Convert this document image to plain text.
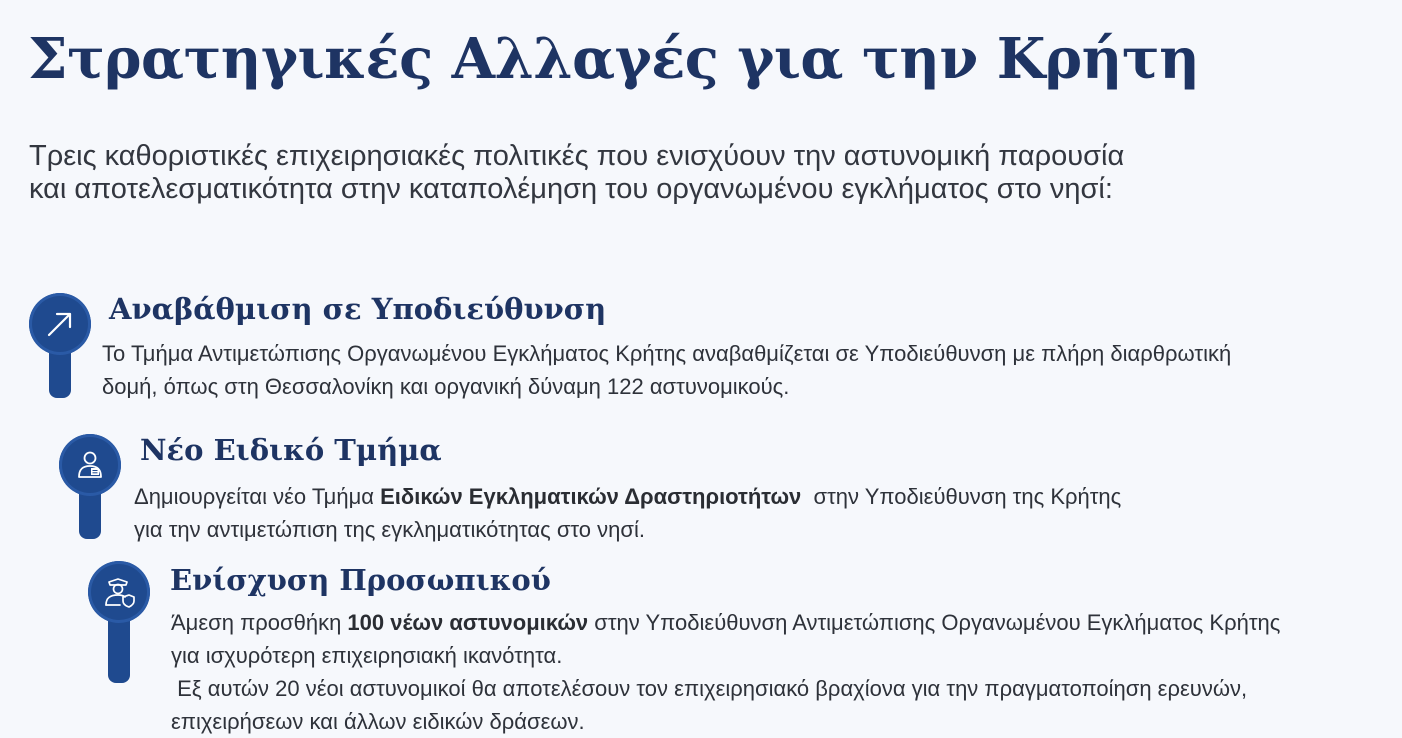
Στρατηγικές Αλλαγές για την Κρήτη

Τρεις καθοριστικές επιχειρησιακές πολιτικές που ενισχύουν την αστυνομική παρουσία
και αποτελεσματικότητα στην καταπολέμηση του οργανωμένου εγκλήματος στο νησί:

Αναβάθμιση σε Υποδιεύθυνση

Το Τμήμα Αντιμετώπισης Οργανωμένου Εγκλήματος Κρήτης αναβαθμίζεται σε Υποδιεύθυνση με πλήρη διαρθρωτική
δομή, όπως στη Θεσσαλονίκη και οργανική δύναμη 122 αστυνομικούς.

Νέο Ειδικό Τμήμα

Δημιουργείται νέο Τμήμα Ειδικών Εγκληματικών Δραστηριοτήτων  στην Υποδιεύθυνση της Κρήτης
για την αντιμετώπιση της εγκληματικότητας στο νησί.

Ενίσχυση Προσωπικού

Άμεση προσθήκη 100 νέων αστυνομικών στην Υποδιεύθυνση Αντιμετώπισης Οργανωμένου Εγκλήματος Κρήτης
για ισχυρότερη επιχειρησιακή ικανότητα.
Εξ αυτών 20 νέοι αστυνομικοί θα αποτελέσουν τον επιχειρησιακό βραχίονα για την πραγματοποίηση ερευνών,
επιχειρήσεων και άλλων ειδικών δράσεων.
